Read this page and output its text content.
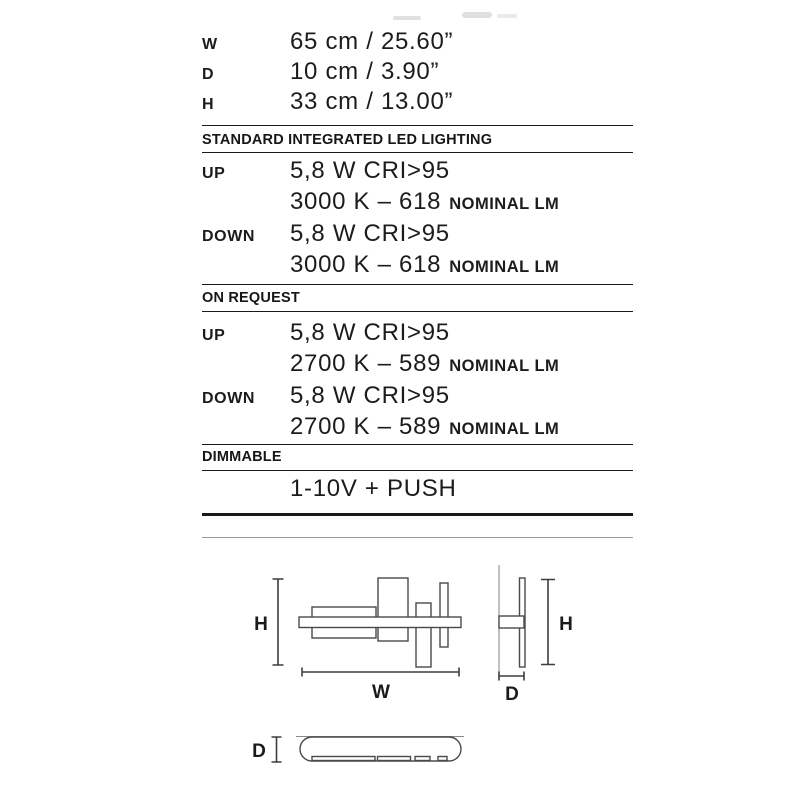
W	65 cm / 25.60”
D	10 cm / 3.90”
H	33 cm / 13.00”
STANDARD INTEGRATED LED LIGHTING
UP	5,8 W CRI>95
3000 K – 618 NOMINAL LM
DOWN 5,8 W CRI>95
3000 K – 618 NOMINAL LM
ON REQUEST
UP	5,8 W CRI>95
2700 K – 589 NOMINAL LM
DOWN 5,8 W CRI>95
2700 K – 589 NOMINAL LM
DIMMABLE
1-10V + PUSH
H
W
H
D
D
